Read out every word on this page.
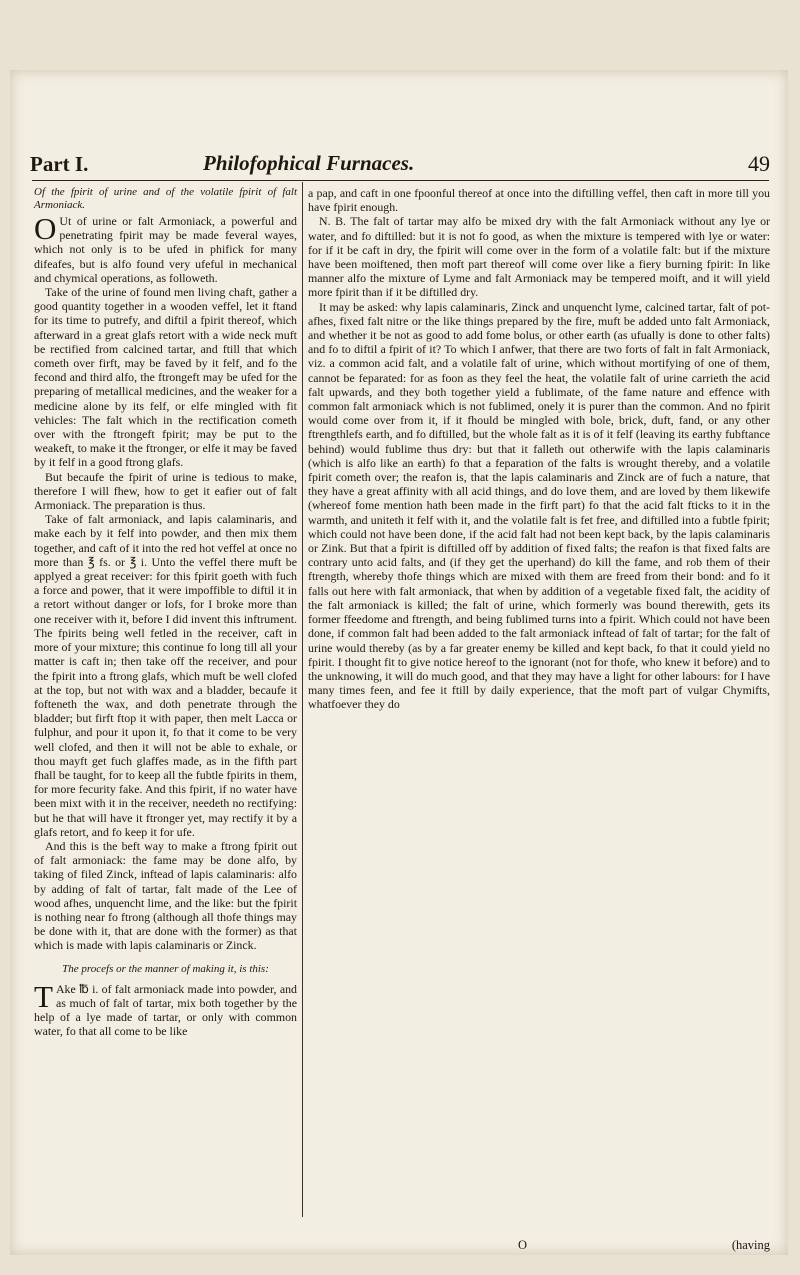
Part I.	Philofophical Furnaces.	49

Of the fpirit of urine and of the volatile fpirit of falt Armoniack.

O Ut of urine or falt Armoniack, a powerful and penetrating fpirit may be made feveral wayes, which not only is to be ufed in phifick for many difeafes, but is alfo found very ufeful in mechanical and chymical operations, as followeth.

Take of the urine of found men living chaft, gather a good quantity together in a wooden veffel, let it ftand for its time to putrefy, and diftil a fpirit thereof, which afterward in a great glafs retort with a wide neck muft be rectified from calcined tartar, and ftill that which cometh over firft, may be faved by it felf, and fo the fecond and third alfo, the ftrongeft may be ufed for the preparing of metallical medicines, and the weaker for a medicine alone by its felf, or elfe mingled with fit vehicles: The falt which in the rectification cometh over with the ftrongeft fpirit; may be put to the weakeft, to make it the ftronger, or elfe it may be faved by it felf in a good ftrong glafs.

But becaufe the fpirit of urine is tedious to make, therefore I will fhew, how to get it eafier out of falt Armoniack. The preparation is thus.

Take of falt armoniack, and lapis calaminaris, and make each by it felf into powder, and then mix them together, and caft of it into the red hot veffel at once no more than ℥ fs. or ℥ i. Unto the veffel there muft be applyed a great receiver: for this fpirit goeth with fuch a force and power, that it were impoffible to diftil it in a retort without danger or lofs, for I broke more than one receiver with it, before I did invent this inftrument. The fpirits being well fetled in the receiver, caft in more of your mixture; this continue fo long till all your matter is caft in; then take off the receiver, and pour the fpirit into a ftrong glafs, which muft be well clofed at the top, but not with wax and a bladder, becaufe it fofteneth the wax, and doth penetrate through the bladder; but firft ftop it with paper, then melt Lacca or fulphur, and pour it upon it, fo that it come to be very well clofed, and then it will not be able to exhale, or thou mayft get fuch glaffes made, as in the fifth part fhall be taught, for to keep all the fubtle fpirits in them, for more fecurity fake. And this fpirit, if no water have been mixt with it in the receiver, needeth no rectifying: but he that will have it ftronger yet, may rectify it by a glafs retort, and fo keep it for ufe.

And this is the beft way to make a ftrong fpirit out of falt armoniack: the fame may be done alfo, by taking of filed Zinck, inftead of lapis calaminaris: alfo by adding of falt of tartar, falt made of the Lee of wood afhes, unquencht lime, and the like: but the fpirit is nothing near fo ftrong (although all thofe things may be done with it, that are done with the former) as that which is made with lapis calaminaris or Zinck.

The procefs or the manner of making it, is this:

T Ake ℔ i. of falt armoniack made into powder, and as much of falt of tartar, mix both together by the help of a lye made of tartar, or only with common water, fo that all come to be like

a pap, and caft in one fpoonful thereof at once into the diftilling veffel, then caft in more till you have fpirit enough.

N. B. The falt of tartar may alfo be mixed dry with the falt Armoniack without any lye or water, and fo diftilled: but it is not fo good, as when the mixture is tempered with lye or water: for if it be caft in dry, the fpirit will come over in the form of a volatile falt: but if the mixture have been moiftened, then moft part thereof will come over like a fiery burning fpirit: In like manner alfo the mixture of Lyme and falt Armoniack may be tempered moift, and it will yield more fpirit than if it be diftilled dry.

It may be asked: why lapis calaminaris, Zinck and unquencht lyme, calcined tartar, falt of pot-afhes, fixed falt nitre or the like things prepared by the fire, muft be added unto falt Armoniack, and whether it be not as good to add fome bolus, or other earth (as ufually is done to other falts) and fo to diftil a fpirit of it? To which I anfwer, that there are two forts of falt in falt Armoniack, viz. a common acid falt, and a volatile falt of urine, which without mortifying of one of them, cannot be feparated: for as foon as they feel the heat, the volatile falt of urine carrieth the acid falt upwards, and they both together yield a fublimate, of the fame nature and effence with common falt armoniack which is not fublimed, onely it is purer than the common. And no fpirit would come over from it, if it fhould be mingled with bole, brick, duft, fand, or any other ftrengthlefs earth, and fo diftilled, but the whole falt as it is of it felf (leaving its earthy fubftance behind) would fublime thus dry: but that it falleth out otherwife with the lapis calaminaris (which is alfo like an earth) fo that a feparation of the falts is wrought thereby, and a volatile fpirit cometh over; the reafon is, that the lapis calaminaris and Zinck are of fuch a nature, that they have a great affinity with all acid things, and do love them, and are loved by them likewife (whereof fome mention hath been made in the firft part) fo that the acid falt fticks to it in the warmth, and uniteth it felf with it, and the volatile falt is fet free, and diftilled into a fubtle fpirit; which could not have been done, if the acid falt had not been kept back, by the lapis calaminaris or Zink. But that a fpirit is diftilled off by addition of fixed falts; the reafon is that fixed falts are contrary unto acid falts, and (if they get the uperhand) do kill the fame, and rob them of their ftrength, whereby thofe things which are mixed with them are freed from their bond: and fo it falls out here with falt armoniack, that when by addition of a vegetable fixed falt, the acidity of the falt armoniack is killed; the falt of urine, which formerly was bound therewith, gets its former ffeedome and ftrength, and being fublimed turns into a fpirit. Which could not have been done, if common falt had been added to the falt armoniack inftead of falt of tartar; for the falt of urine would thereby (as by a far greater enemy be killed and kept back, fo that it could yield no fpirit. I thought fit to give notice hereof to the ignorant (not for thofe, who knew it before) and to the unknowing, it will do much good, and that they may have a light for other labours: for I have many times feen, and fee it ftill by daily experience, that the moft part of vulgar Chymifts, whatfoever they do

O	(having
